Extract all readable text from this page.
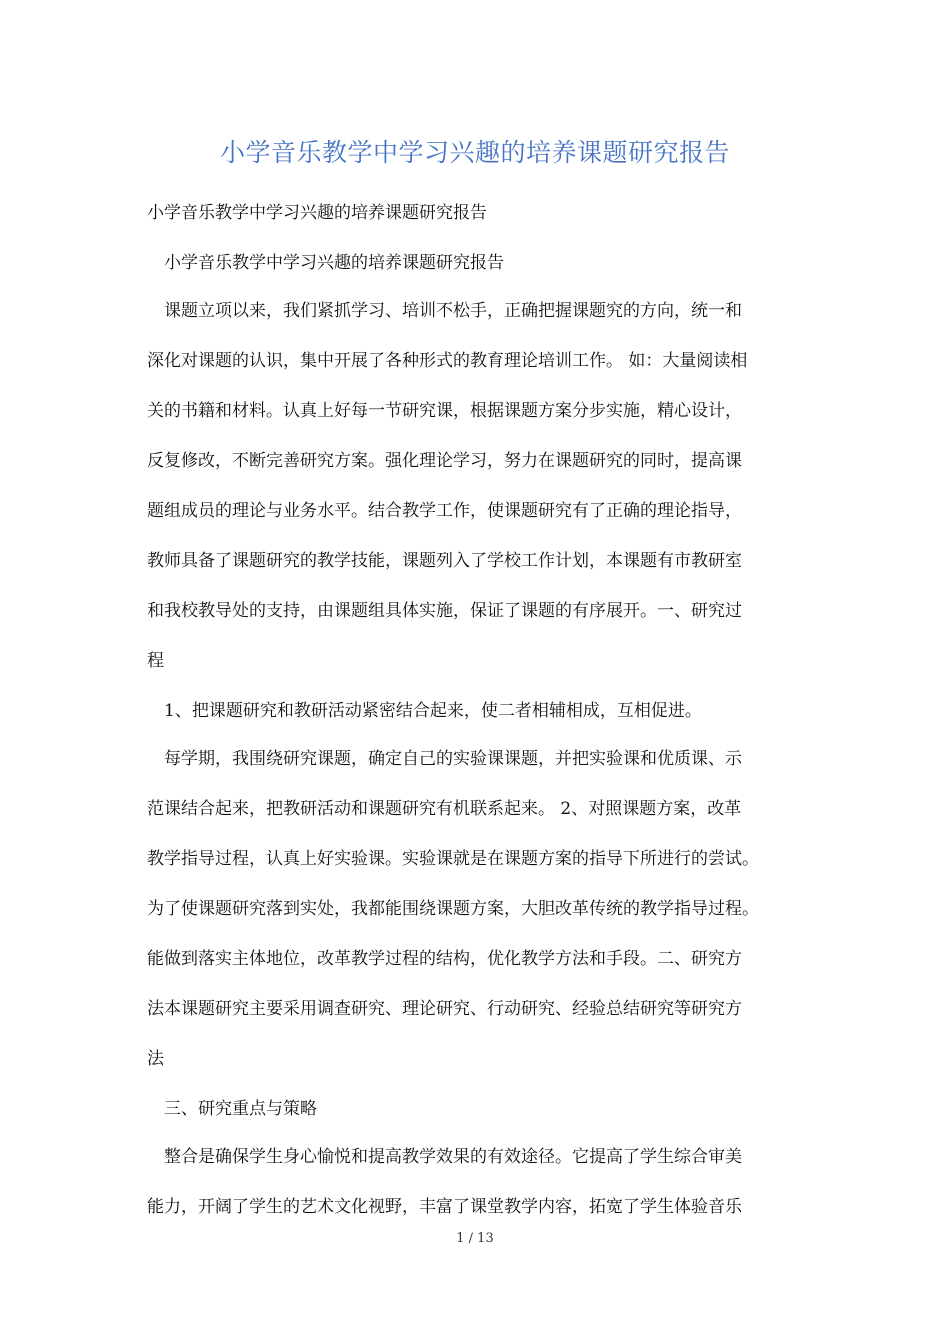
小学音乐教学中学习兴趣的培养课题研究报告
小学音乐教学中学习兴趣的培养课题研究报告
小学音乐教学中学习兴趣的培养课题研究报告
课题立项以来，我们紧抓学习、培训不松手，正确把握课题究的方向，统一和
深化对课题的认识，集中开展了各种形式的教育理论培训工作。 如：大量阅读相
关的书籍和材料。认真上好每一节研究课，根据课题方案分步实施，精心设计，
反复修改，不断完善研究方案。强化理论学习，努力在课题研究的同时，提高课
题组成员的理论与业务水平。结合教学工作，使课题研究有了正确的理论指导，
教师具备了课题研究的教学技能，课题列入了学校工作计划，本课题有市教研室
和我校教导处的支持，由课题组具体实施，保证了课题的有序展开。一、研究过
程
1、把课题研究和教研活动紧密结合起来，使二者相辅相成，互相促进。
每学期，我围绕研究课题，确定自己的实验课课题，并把实验课和优质课、示
范课结合起来，把教研活动和课题研究有机联系起来。 2、对照课题方案，改革
教学指导过程，认真上好实验课。实验课就是在课题方案的指导下所进行的尝试。
为了使课题研究落到实处，我都能围绕课题方案，大胆改革传统的教学指导过程。
能做到落实主体地位，改革教学过程的结构，优化教学方法和手段。二、研究方
法本课题研究主要采用调查研究、理论研究、行动研究、经验总结研究等研究方
法
三、研究重点与策略
整合是确保学生身心愉悦和提高教学效果的有效途径。它提高了学生综合审美
能力，开阔了学生的艺术文化视野，丰富了课堂教学内容，拓宽了学生体验音乐
1 / 13
